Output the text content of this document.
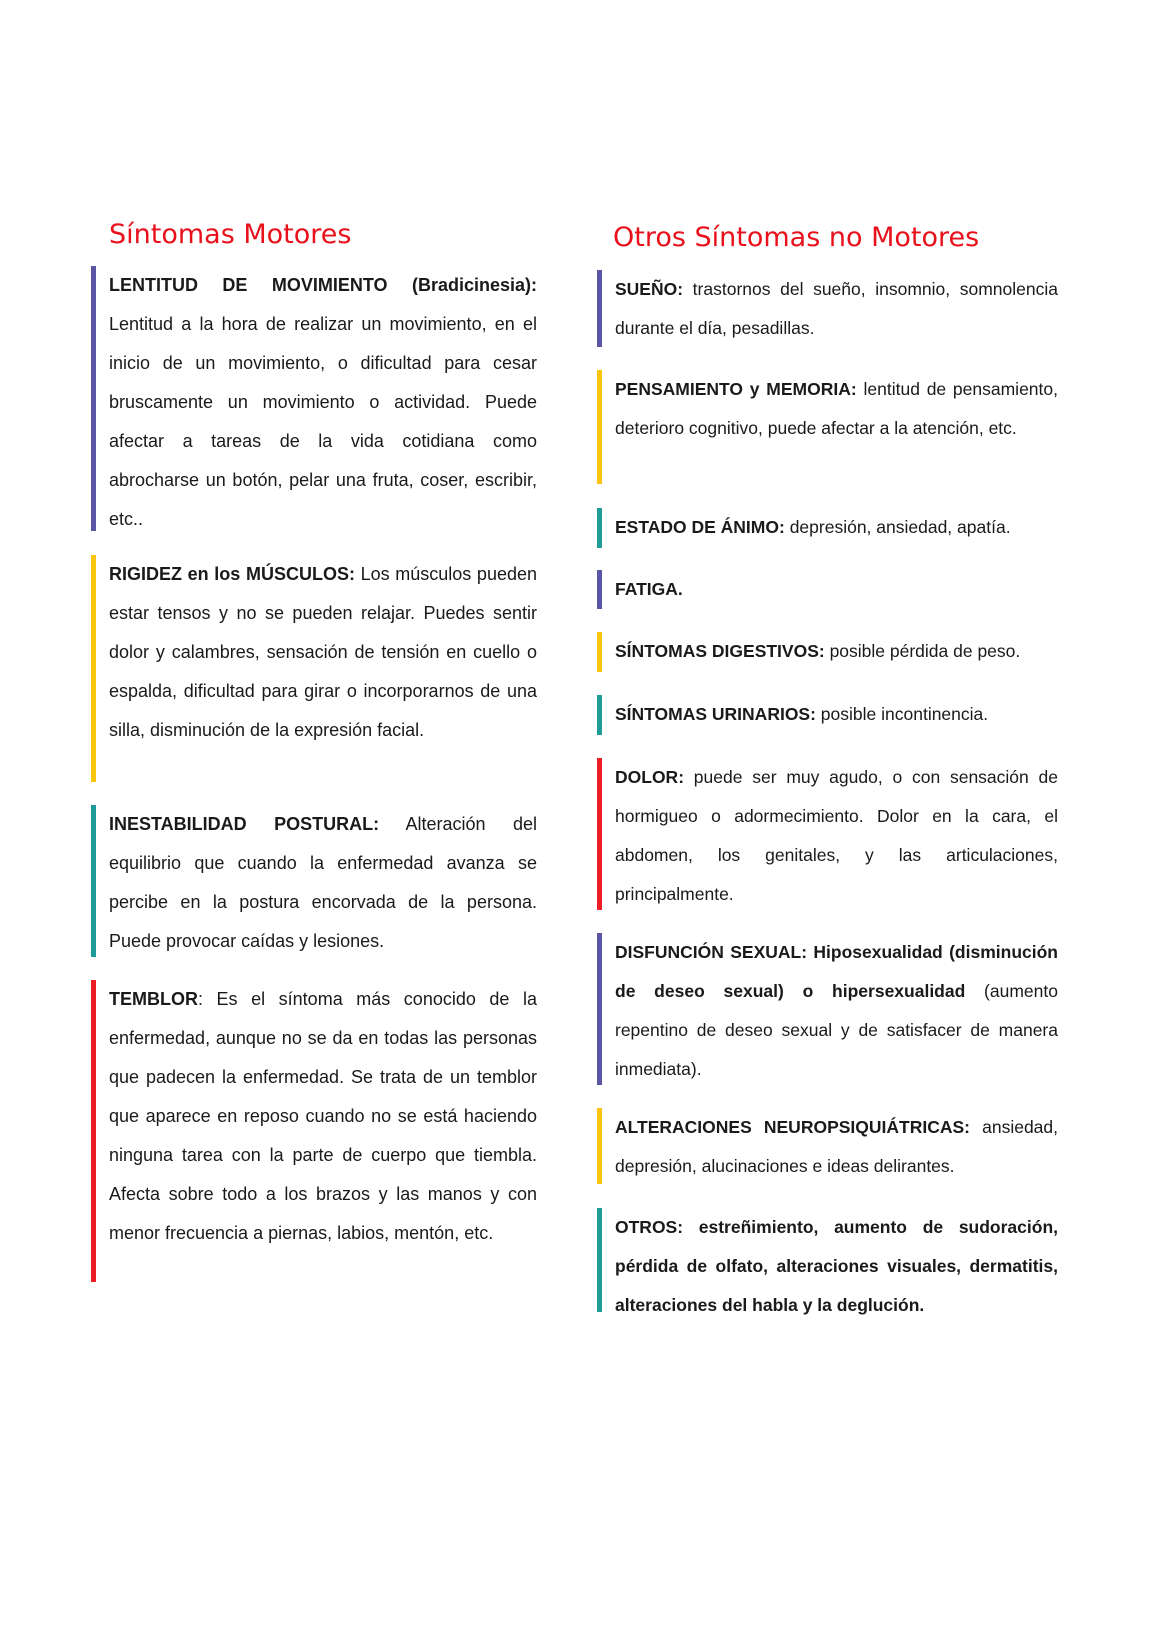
Síntomas Motores

LENTITUD DE MOVIMIENTO (Bradicinesia): Lentitud a la hora de realizar un movimiento, en el inicio de un movimiento, o dificultad para cesar bruscamente un movimiento o actividad. Puede afectar a tareas de la vida cotidiana como abrocharse un botón, pelar una fruta, coser, escribir, etc..

RIGIDEZ en los MÚSCULOS: Los músculos pueden estar tensos y no se pueden relajar. Puedes sentir dolor y calambres, sensación de tensión en cuello o espalda, dificultad para girar o incorporarnos de una silla, disminución de la expresión facial.

INESTABILIDAD POSTURAL: Alteración del equilibrio que cuando la enfermedad avanza se percibe en la postura encorvada de la persona. Puede provocar caídas y lesiones.

TEMBLOR: Es el síntoma más conocido de la enfermedad, aunque no se da en todas las personas que padecen la enfermedad. Se trata de un temblor que aparece en reposo cuando no se está haciendo ninguna tarea con la parte de cuerpo que tiembla. Afecta sobre todo a los brazos y las manos y con menor frecuencia a piernas, labios, mentón, etc.

Otros Síntomas no Motores

SUEÑO: trastornos del sueño, insomnio, somnolencia durante el día, pesadillas.

PENSAMIENTO y MEMORIA: lentitud de pensamiento, deterioro cognitivo, puede afectar a la atención, etc.

ESTADO DE ÁNIMO: depresión, ansiedad, apatía.

FATIGA.

SÍNTOMAS DIGESTIVOS: posible pérdida de peso.

SÍNTOMAS URINARIOS: posible incontinencia.

DOLOR: puede ser muy agudo, o con sensación de hormigueo o adormecimiento. Dolor en la cara, el abdomen, los genitales, y las articulaciones, principalmente.

DISFUNCIÓN SEXUAL: Hiposexualidad (disminución de deseo sexual) o hipersexualidad (aumento repentino de deseo sexual y de satisfacer de manera inmediata).

ALTERACIONES NEUROPSIQUIÁTRICAS: ansiedad, depresión, alucinaciones e ideas delirantes.

OTROS: estreñimiento, aumento de sudoración, pérdida de olfato, alteraciones visuales, dermatitis, alteraciones del habla y la deglución.
